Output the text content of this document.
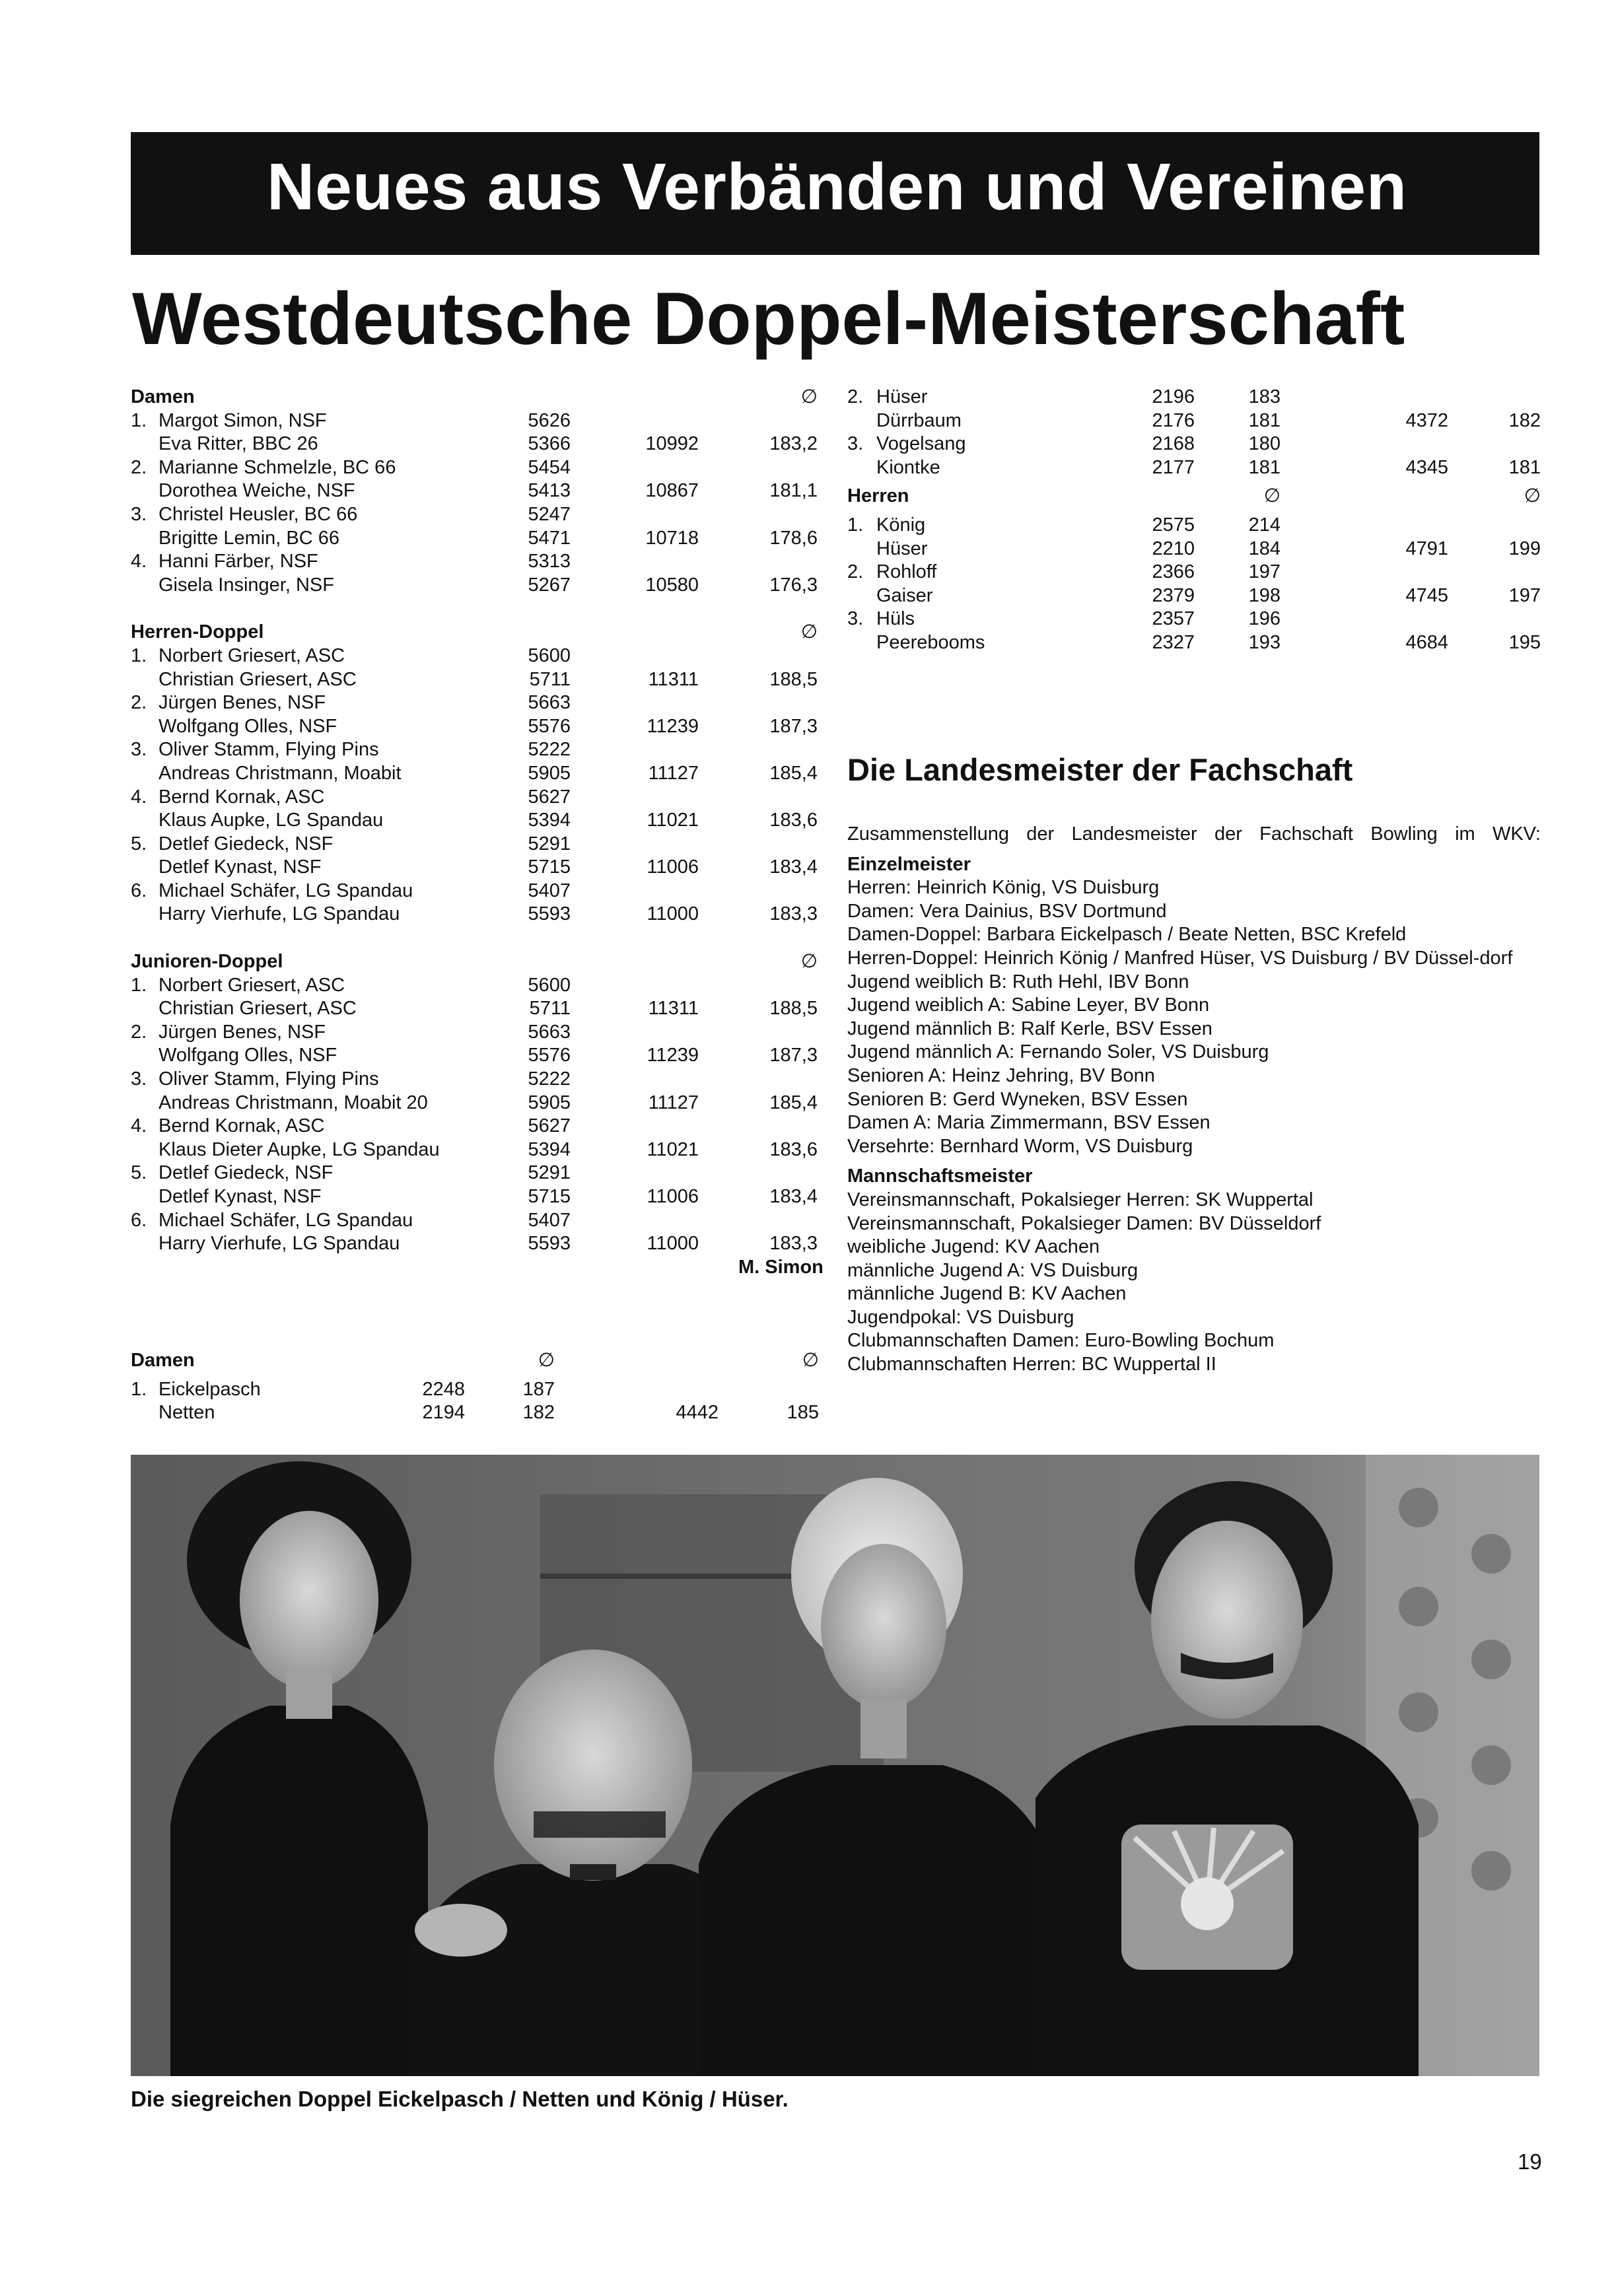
Neues aus Verbänden und Vereinen
Westdeutsche Doppel-Meisterschaft
Damen	∅
1. Margot Simon, NSF	5626
Eva Ritter, BBC 26	5366	10992	183,2
2. Marianne Schmelzle, BC 66	5454
Dorothea Weiche, NSF	5413	10867	181,1
3. Christel Heusler, BC 66	5247
Brigitte Lemin, BC 66	5471	10718	178,6
4. Hanni Färber, NSF	5313
Gisela Insinger, NSF	5267	10580	176,3
Herren-Doppel	∅
1. Norbert Griesert, ASC	5600
Christian Griesert, ASC	5711	11311	188,5
2. Jürgen Benes, NSF	5663
Wolfgang Olles, NSF	5576	11239	187,3
3. Oliver Stamm, Flying Pins	5222
Andreas Christmann, Moabit	5905	11127	185,4
4. Bernd Kornak, ASC	5627
Klaus Aupke, LG Spandau	5394	11021	183,6
5. Detlef Giedeck, NSF	5291
Detlef Kynast, NSF	5715	11006	183,4
6. Michael Schäfer, LG Spandau	5407
Harry Vierhufe, LG Spandau	5593	11000	183,3
Junioren-Doppel	∅
1. Norbert Griesert, ASC	5600
Christian Griesert, ASC	5711	11311	188,5
2. Jürgen Benes, NSF	5663
Wolfgang Olles, NSF	5576	11239	187,3
3. Oliver Stamm, Flying Pins	5222
Andreas Christmann, Moabit 20	5905	11127	185,4
4. Bernd Kornak, ASC	5627
Klaus Dieter Aupke, LG Spandau	5394	11021	183,6
5. Detlef Giedeck, NSF	5291
Detlef Kynast, NSF	5715	11006	183,4
6. Michael Schäfer, LG Spandau	5407
Harry Vierhufe, LG Spandau	5593	11000	183,3
M. Simon
Damen	∅	∅
1. Eickelpasch	2248	187
Netten	2194	182	4442	185
2. Hüser	2196	183
Dürrbaum	2176	181	4372	182
3. Vogelsang	2168	180
Kiontke	2177	181	4345	181
Herren	∅	∅
1. König	2575	214
Hüser	2210	184	4791	199
2. Rohloff	2366	197
Gaiser	2379	198	4745	197
3. Hüls	2357	196
Peerebooms	2327	193	4684	195
Die Landesmeister der Fachschaft
Zusammenstellung der Landesmeister der Fachschaft Bowling im WKV:
Einzelmeister
Herren: Heinrich König, VS Duisburg
Damen: Vera Dainius, BSV Dortmund
Damen-Doppel: Barbara Eickelpasch / Beate Netten, BSC Krefeld
Herren-Doppel: Heinrich König / Manfred Hüser, VS Duisburg / BV Düssel-dorf
Jugend weiblich B: Ruth Hehl, IBV Bonn
Jugend weiblich A: Sabine Leyer, BV Bonn
Jugend männlich B: Ralf Kerle, BSV Essen
Jugend männlich A: Fernando Soler, VS Duisburg
Senioren A: Heinz Jehring, BV Bonn
Senioren B: Gerd Wyneken, BSV Essen
Damen A: Maria Zimmermann, BSV Essen
Versehrte: Bernhard Worm, VS Duisburg
Mannschaftsmeister
Vereinsmannschaft, Pokalsieger Herren: SK Wuppertal
Vereinsmannschaft, Pokalsieger Damen: BV Düsseldorf
weibliche Jugend: KV Aachen
männliche Jugend A: VS Duisburg
männliche Jugend B: KV Aachen
Jugendpokal: VS Duisburg
Clubmannschaften Damen: Euro-Bowling Bochum
Clubmannschaften Herren: BC Wuppertal II
Die siegreichen Doppel Eickelpasch / Netten und König / Hüser.
19
